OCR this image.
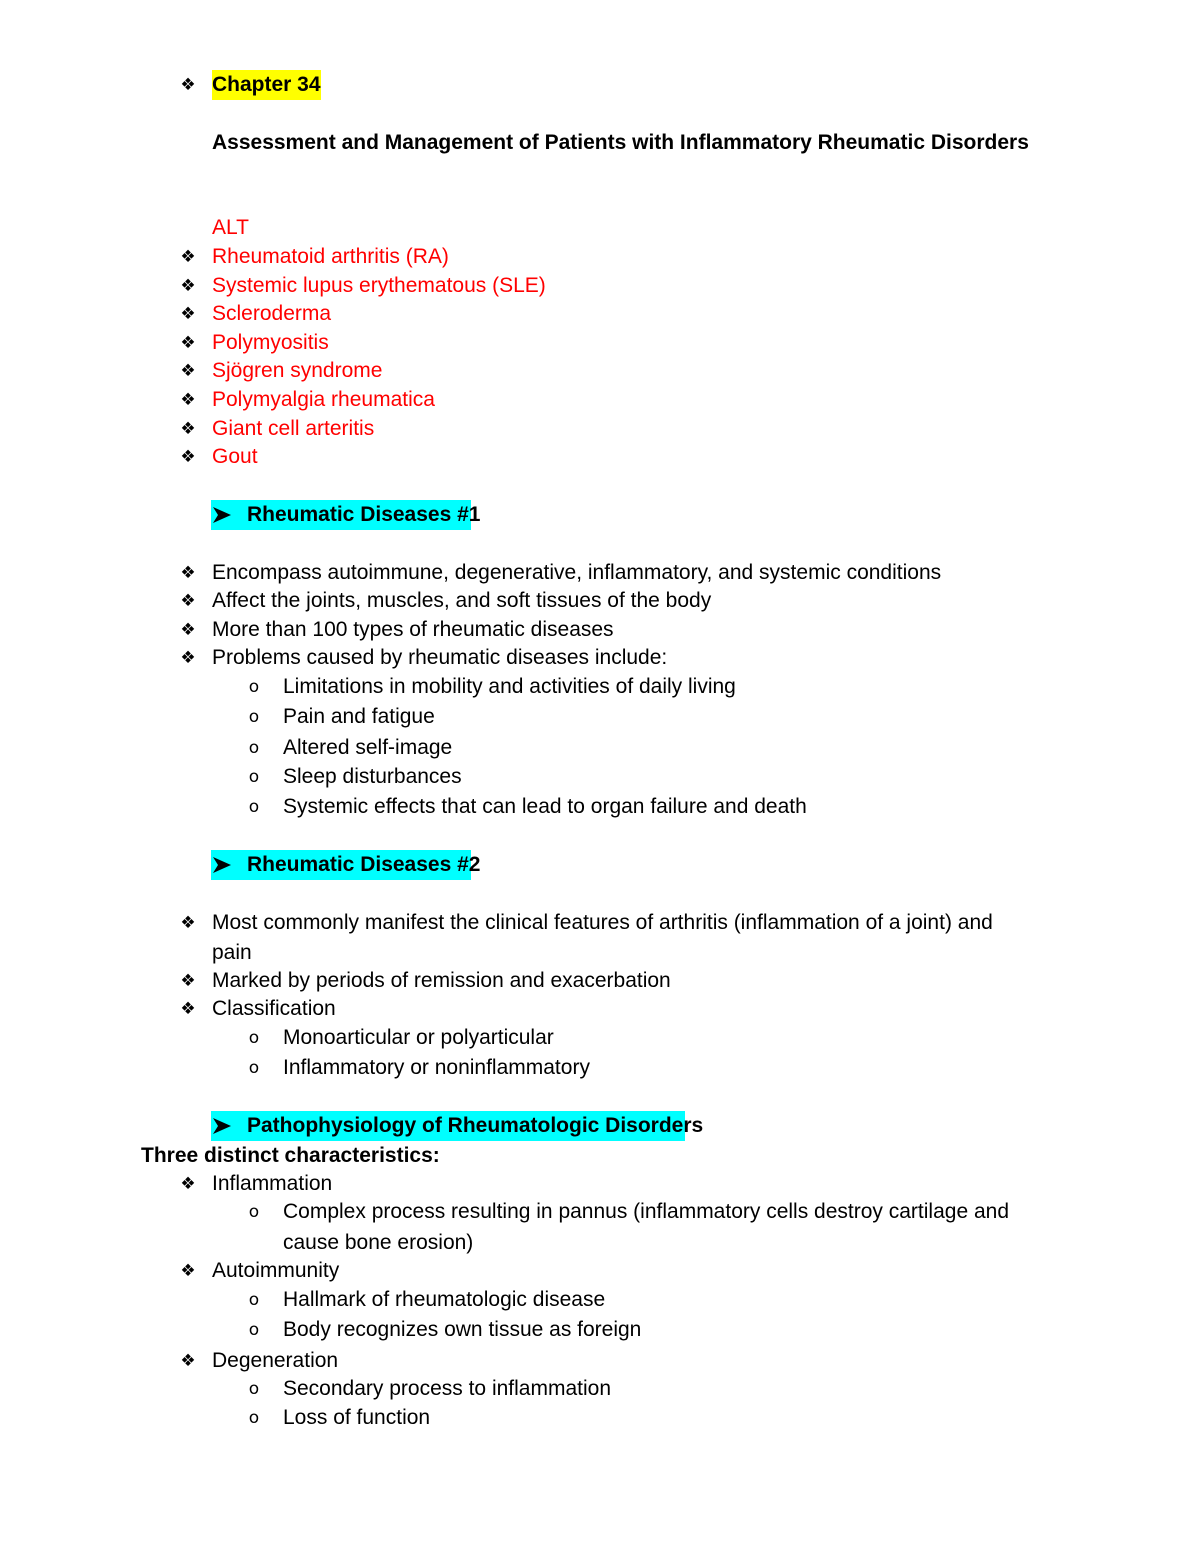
❖ Chapter 34
Assessment and Management of Patients with Inflammatory Rheumatic Disorders
ALT
❖ Rheumatoid arthritis (RA)
❖ Systemic lupus erythematous (SLE)
❖ Scleroderma
❖ Polymyositis
❖ Sjögren syndrome
❖ Polymyalgia rheumatica
❖ Giant cell arteritis
❖ Gout
Rheumatic Diseases #1
❖ Encompass autoimmune, degenerative, inflammatory, and systemic conditions
❖ Affect the joints, muscles, and soft tissues of the body
❖ More than 100 types of rheumatic diseases
❖ Problems caused by rheumatic diseases include:
o Limitations in mobility and activities of daily living
o Pain and fatigue
o Altered self-image
o Sleep disturbances
o Systemic effects that can lead to organ failure and death
Rheumatic Diseases #2
❖ Most commonly manifest the clinical features of arthritis (inflammation of a joint) and
pain
❖ Marked by periods of remission and exacerbation
❖ Classification
o Monoarticular or polyarticular
o Inflammatory or noninflammatory
Pathophysiology of Rheumatologic Disorders
Three distinct characteristics:
❖ Inflammation
o Complex process resulting in pannus (inflammatory cells destroy cartilage and
cause bone erosion)
❖ Autoimmunity
o Hallmark of rheumatologic disease
o Body recognizes own tissue as foreign
❖ Degeneration
o Secondary process to inflammation
o Loss of function
